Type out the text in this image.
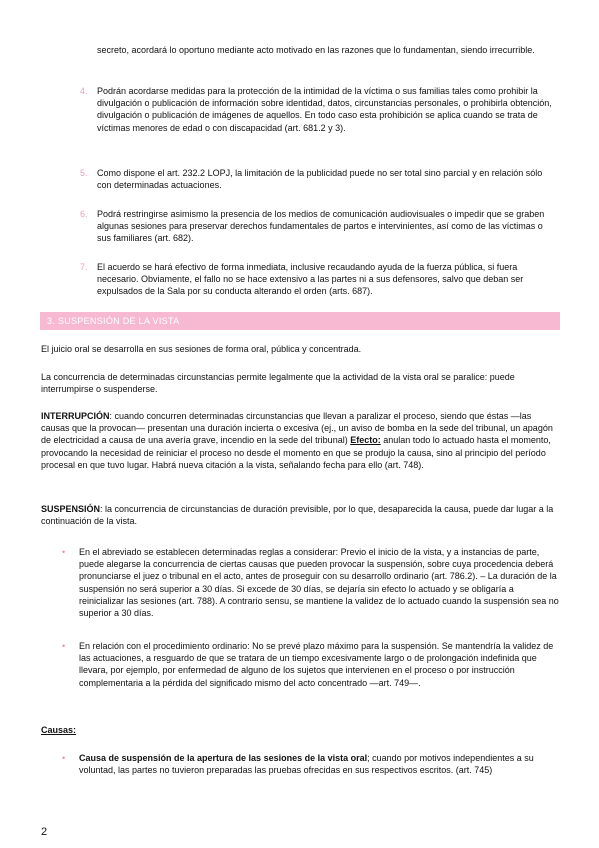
secreto, acordará lo oportuno mediante acto motivado en las razones que lo fundamentan, siendo irrecurrible.
4. Podrán acordarse medidas para la protección de la intimidad de la víctima o sus familias tales como prohibir la divulgación o publicación de información sobre identidad, datos, circunstancias personales, o prohibirla obtención, divulgación o publicación de imágenes de aquellos. En todo caso esta prohibición se aplica cuando se trata de víctimas menores de edad o con discapacidad (art. 681.2 y 3).
5. Como dispone el art. 232.2 LOPJ, la limitación de la publicidad puede no ser total sino parcial y en relación sólo con determinadas actuaciones.
6. Podrá restringirse asimismo la presencia de los medios de comunicación audiovisuales o impedir que se graben algunas sesiones para preservar derechos fundamentales de partos e intervinientes, así como de las víctimas o sus familiares (art. 682).
7. El acuerdo se hará efectivo de forma inmediata, inclusive recaudando ayuda de la fuerza pública, si fuera necesario. Obviamente, el fallo no se hace extensivo a las partes ni a sus defensores, salvo que deban ser expulsados de la Sala por su conducta alterando el orden (arts. 687).
3. SUSPENSIÓN DE LA VISTA
El juicio oral se desarrolla en sus sesiones de forma oral, pública y concentrada.
La concurrencia de determinadas circunstancias permite legalmente que la actividad de la vista oral se paralice: puede interrumpirse o suspenderse.
INTERRUPCIÓN: cuando concurren determinadas circunstancias que llevan a paralizar el proceso, siendo que éstas —las causas que la provocan— presentan una duración incierta o excesiva (ej., un aviso de bomba en la sede del tribunal, un apagón de electricidad a causa de una avería grave, incendio en la sede del tribunal) Efecto: anulan todo lo actuado hasta el momento, provocando la necesidad de reiniciar el proceso no desde el momento en que se produjo la causa, sino al principio del período procesal en que tuvo lugar. Habrá nueva citación a la vista, señalando fecha para ello (art. 748).
SUSPENSIÓN: la concurrencia de circunstancias de duración previsible, por lo que, desaparecida la causa, puede dar lugar a la continuación de la vista.
• En el abreviado se establecen determinadas reglas a considerar: Previo el inicio de la vista, y a instancias de parte, puede alegarse la concurrencia de ciertas causas que pueden provocar la suspensión, sobre cuya procedencia deberá pronunciarse el juez o tribunal en el acto, antes de proseguir con su desarrollo ordinario (art. 786.2). – La duración de la suspensión no será superior a 30 días. Si excede de 30 días, se dejaría sin efecto lo actuado y se obligaría a reinicializar las sesiones (art. 788). A contrario sensu, se mantiene la validez de lo actuado cuando la suspensión sea no superior a 30 días.
• En relación con el procedimiento ordinario: No se prevé plazo máximo para la suspensión. Se mantendría la validez de las actuaciones, a resguardo de que se tratara de un tiempo excesivamente largo o de prolongación indefinida que llevara, por ejemplo, por enfermedad de alguno de los sujetos que intervienen en el proceso o por instrucción complementaria a la pérdida del significado mismo del acto concentrado —art. 749—.
Causas:
• Causa de suspensión de la apertura de las sesiones de la vista oral; cuando por motivos independientes a su voluntad, las partes no tuvieron preparadas las pruebas ofrecidas en sus respectivos escritos. (art. 745)
2
